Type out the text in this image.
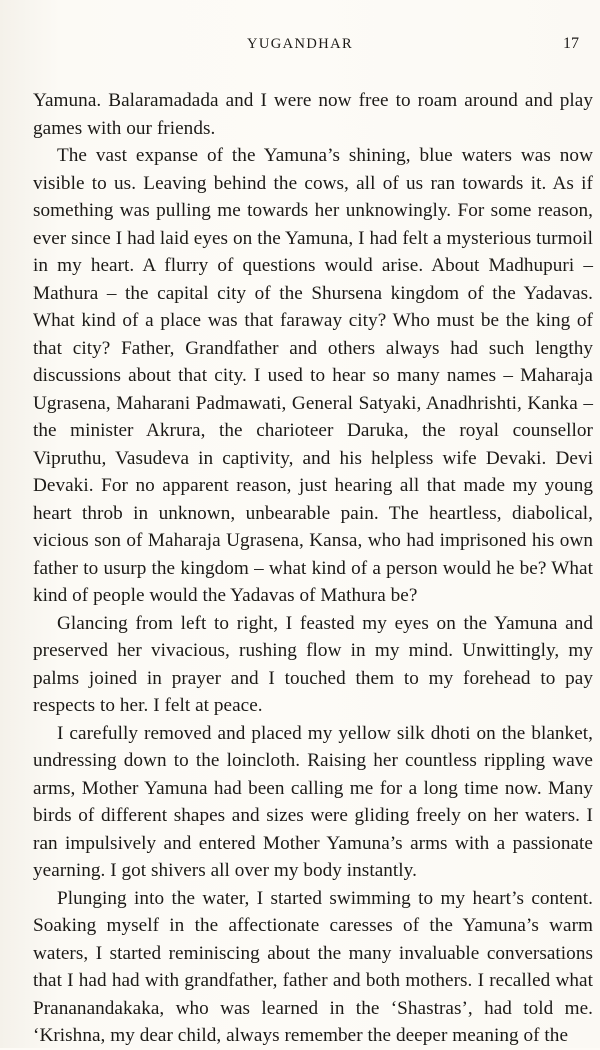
YUGANDHAR	17

Yamuna. Balaramadada and I were now free to roam around and play games with our friends.

The vast expanse of the Yamuna’s shining, blue waters was now visible to us. Leaving behind the cows, all of us ran towards it. As if something was pulling me towards her unknowingly. For some reason, ever since I had laid eyes on the Yamuna, I had felt a mysterious turmoil in my heart. A flurry of questions would arise. About Madhupuri – Mathura – the capital city of the Shursena kingdom of the Yadavas. What kind of a place was that faraway city? Who must be the king of that city? Father, Grandfather and others always had such lengthy discussions about that city. I used to hear so many names – Maharaja Ugrasena, Maharani Padmawati, General Satyaki, Anadhrishti, Kanka – the minister Akrura, the charioteer Daruka, the royal counsellor Vipruthu, Vasudeva in captivity, and his helpless wife Devaki. Devi Devaki. For no apparent reason, just hearing all that made my young heart throb in unknown, unbearable pain. The heartless, diabolical, vicious son of Maharaja Ugrasena, Kansa, who had imprisoned his own father to usurp the kingdom – what kind of a person would he be? What kind of people would the Yadavas of Mathura be?

Glancing from left to right, I feasted my eyes on the Yamuna and preserved her vivacious, rushing flow in my mind. Unwittingly, my palms joined in prayer and I touched them to my forehead to pay respects to her. I felt at peace.

I carefully removed and placed my yellow silk dhoti on the blanket, undressing down to the loincloth. Raising her countless rippling wave arms, Mother Yamuna had been calling me for a long time now. Many birds of different shapes and sizes were gliding freely on her waters. I ran impulsively and entered Mother Yamuna’s arms with a passionate yearning. I got shivers all over my body instantly.

Plunging into the water, I started swimming to my heart’s content. Soaking myself in the affectionate caresses of the Yamuna’s warm waters, I started reminiscing about the many invaluable conversations that I had had with grandfather, father and both mothers. I recalled what Prananandakaka, who was learned in the ‘Shastras’, had told me. ‘Krishna, my dear child, always remember the deeper meaning of the
